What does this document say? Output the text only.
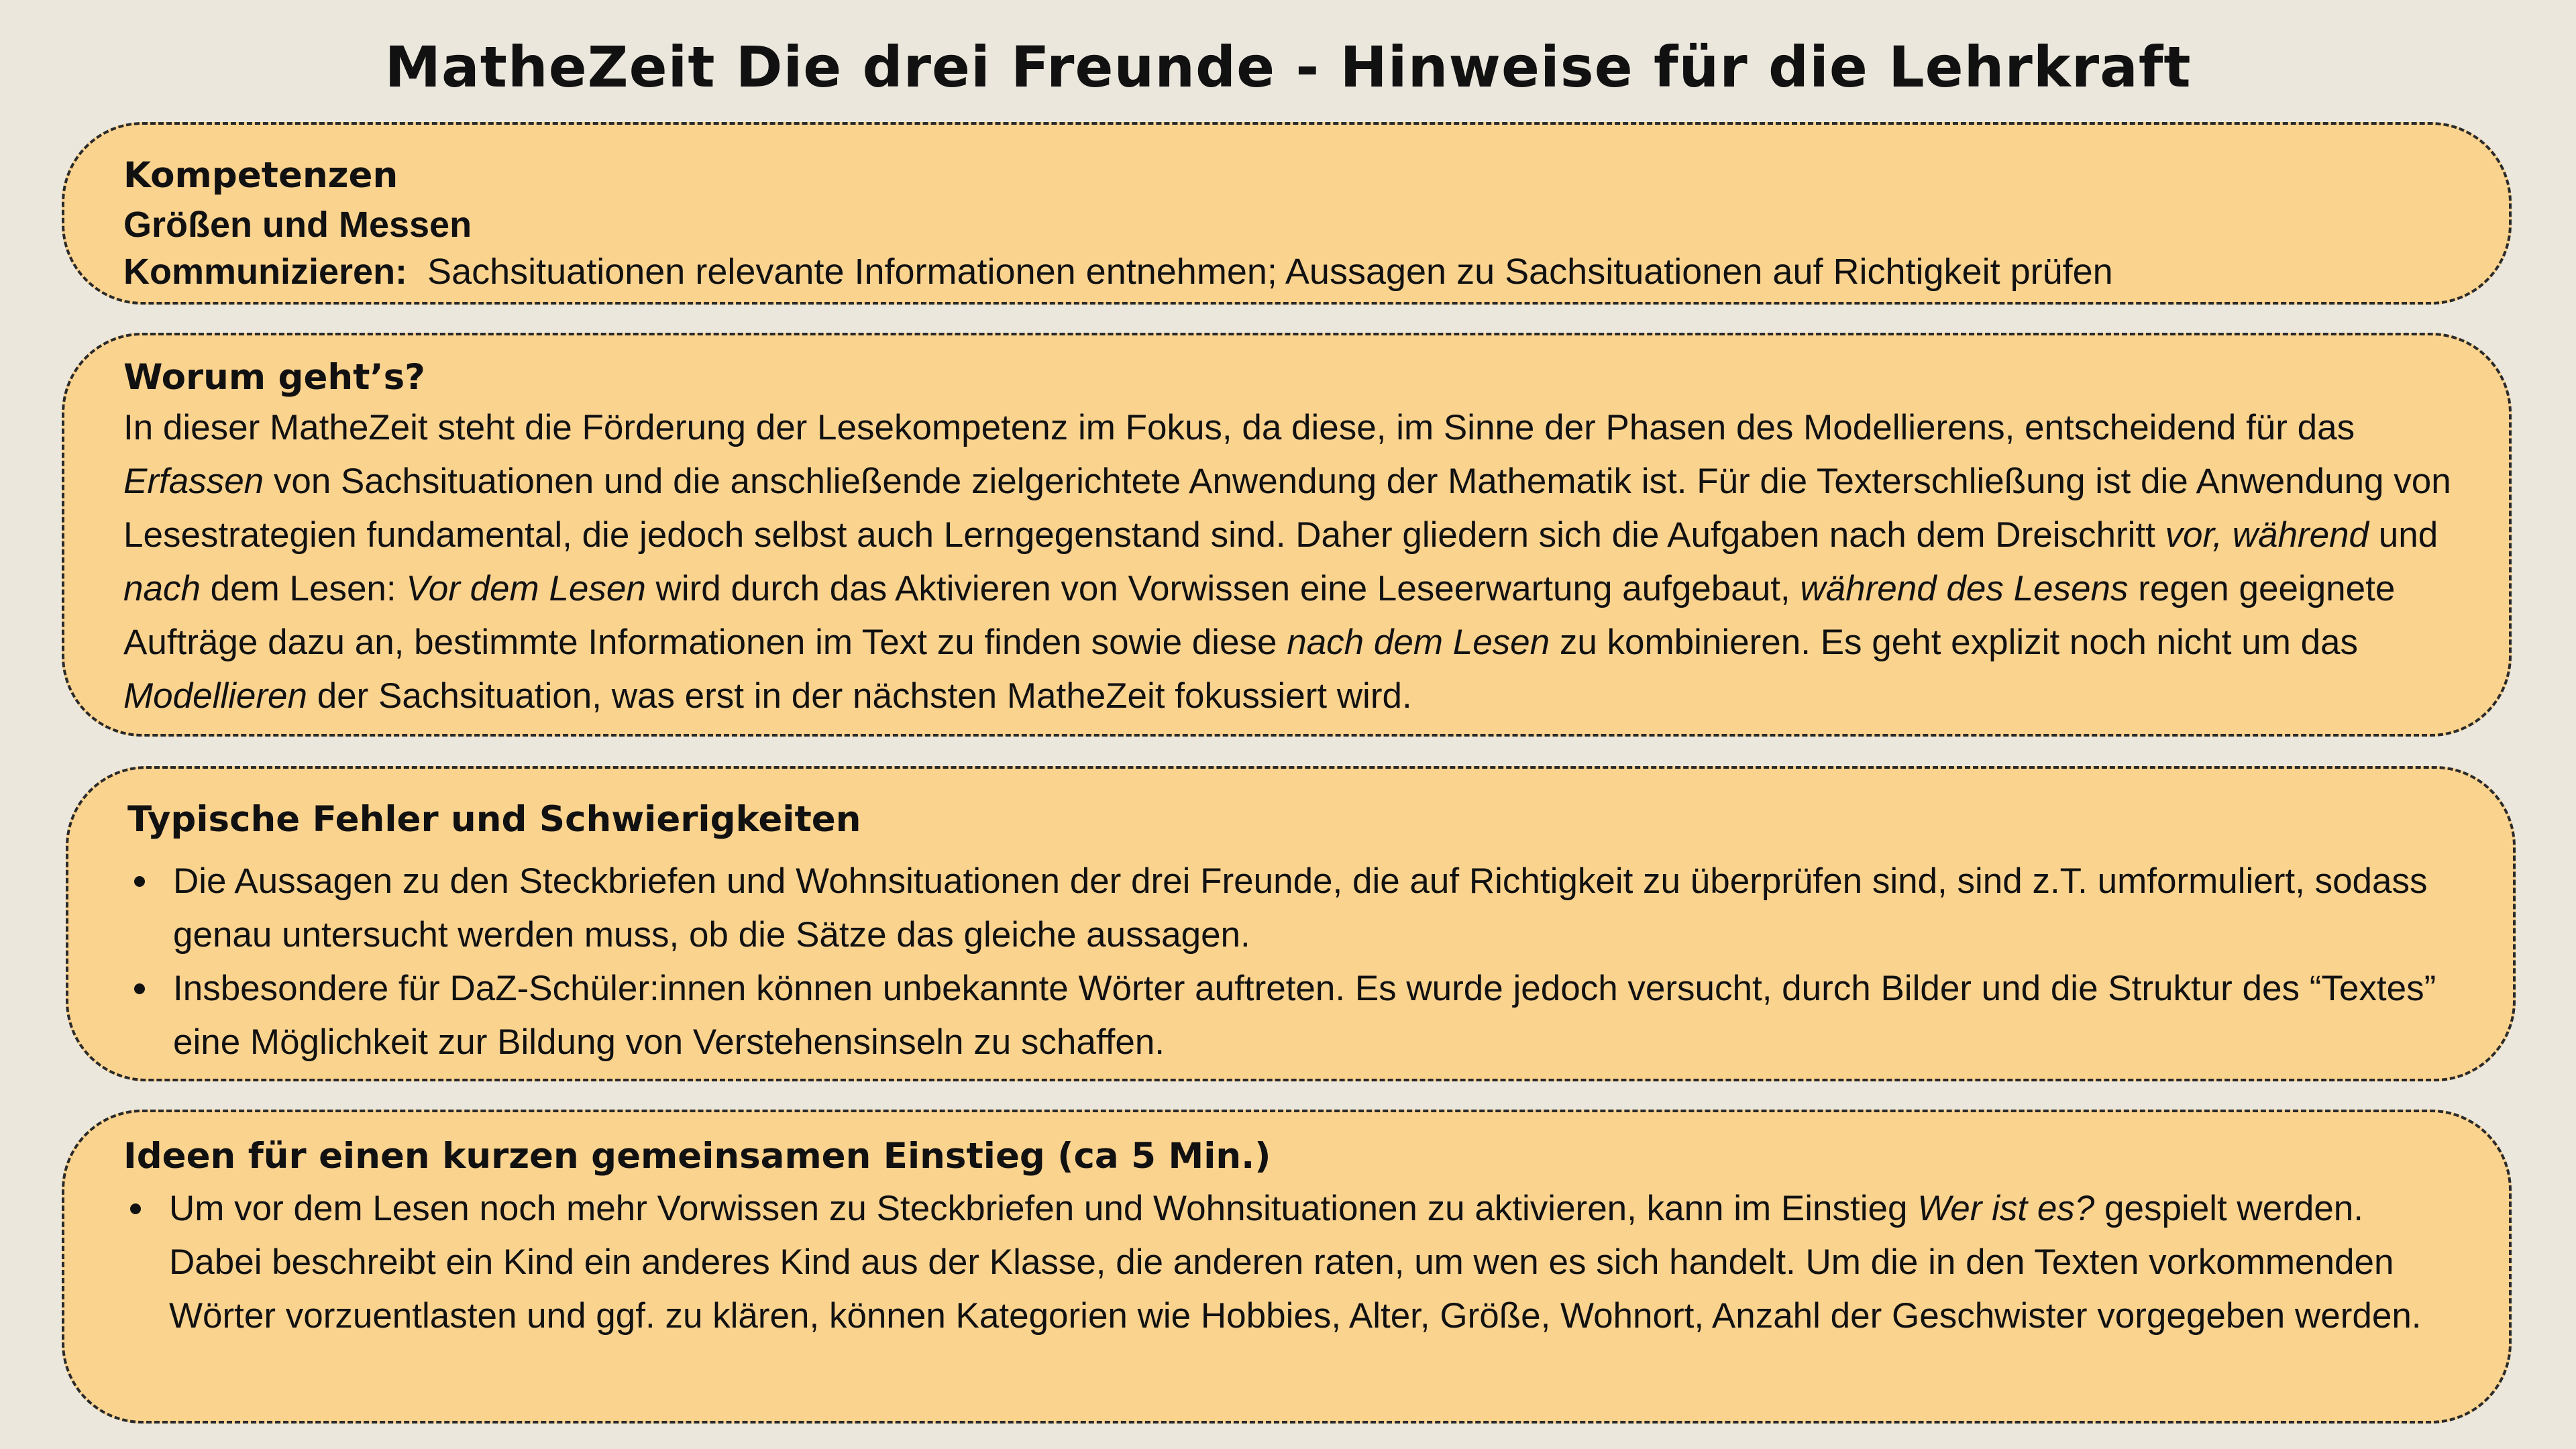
MatheZeit Die drei Freunde - Hinweise für die Lehrkraft

Kompetenzen

Größen und Messen

Kommunizieren:  Sachsituationen relevante Informationen entnehmen; Aussagen zu Sachsituationen auf Richtigkeit prüfen

Worum geht’s?

In dieser MatheZeit steht die Förderung der Lesekompetenz im Fokus, da diese, im Sinne der Phasen des Modellierens, entscheidend für das Erfassen von Sachsituationen und die anschließende zielgerichtete Anwendung der Mathematik ist. Für die Texterschließung ist die Anwendung von Lesestrategien fundamental, die jedoch selbst auch Lerngegenstand sind. Daher gliedern sich die Aufgaben nach dem Dreischritt vor, während und nach dem Lesen: Vor dem Lesen wird durch das Aktivieren von Vorwissen eine Leseerwartung aufgebaut, während des Lesens regen geeignete Aufträge dazu an, bestimmte Informationen im Text zu finden sowie diese nach dem Lesen zu kombinieren. Es geht explizit noch nicht um das Modellieren der Sachsituation, was erst in der nächsten MatheZeit fokussiert wird.

Typische Fehler und Schwierigkeiten

Die Aussagen zu den Steckbriefen und Wohnsituationen der drei Freunde, die auf Richtigkeit zu überprüfen sind, sind z.T. umformuliert, sodass genau untersucht werden muss, ob die Sätze das gleiche aussagen.
Insbesondere für DaZ-Schüler:innen können unbekannte Wörter auftreten. Es wurde jedoch versucht, durch Bilder und die Struktur des “Textes” eine Möglichkeit zur Bildung von Verstehensinseln zu schaffen.

Ideen für einen kurzen gemeinsamen Einstieg (ca 5 Min.)

Um vor dem Lesen noch mehr Vorwissen zu Steckbriefen und Wohnsituationen zu aktivieren, kann im Einstieg Wer ist es? gespielt werden. Dabei beschreibt ein Kind ein anderes Kind aus der Klasse, die anderen raten, um wen es sich handelt. Um die in den Texten vorkommenden Wörter vorzuentlasten und ggf. zu klären, können Kategorien wie Hobbies, Alter, Größe, Wohnort, Anzahl der Geschwister vorgegeben werden.
